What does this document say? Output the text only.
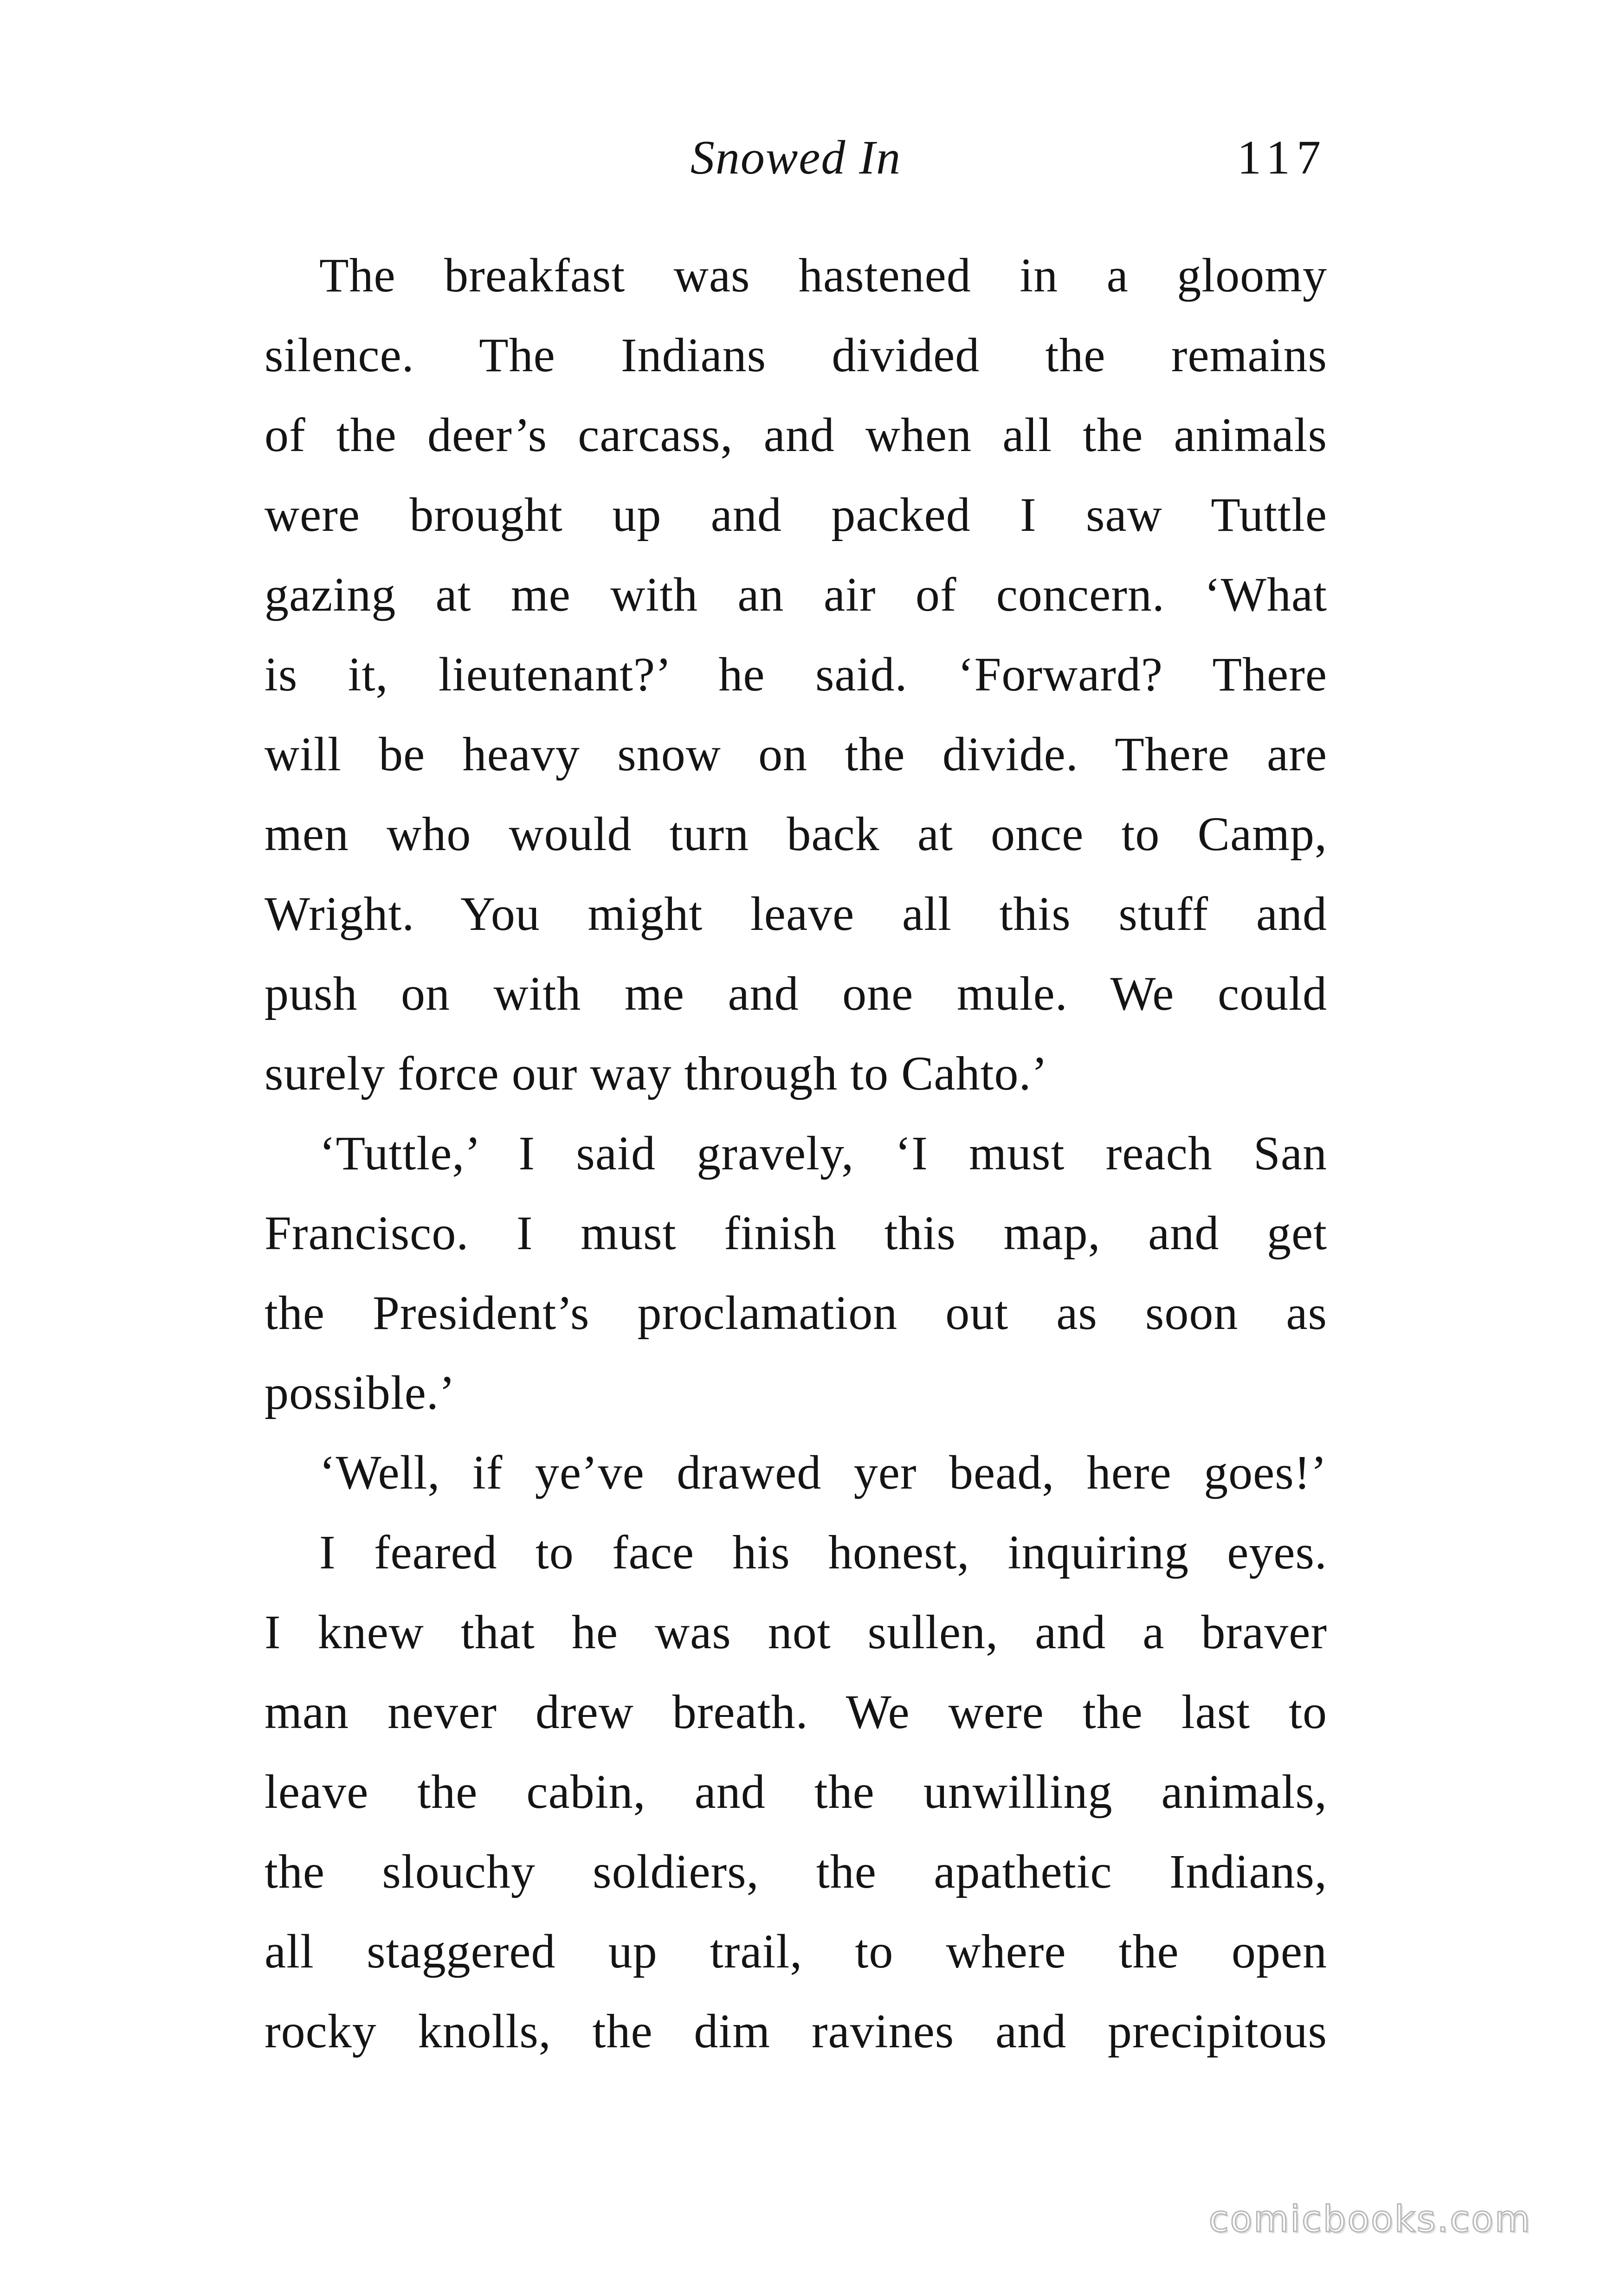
Snowed In	117
The breakfast was hastened in a gloomy
silence. The Indians divided the remains
of the deer’s carcass, and when all the animals
were brought up and packed I saw Tuttle
gazing at me with an air of concern. ‘What
is it, lieutenant?’ he said. ‘Forward? There
will be heavy snow on the divide. There are
men who would turn back at once to Camp,
Wright. You might leave all this stuff and
push on with me and one mule. We could
surely force our way through to Cahto.’
‘Tuttle,’ I said gravely, ‘I must reach San
Francisco. I must finish this map, and get
the President’s proclamation out as soon as
possible.’
‘Well, if ye’ve drawed yer bead, here goes!’
I feared to face his honest, inquiring eyes.
I knew that he was not sullen, and a braver
man never drew breath. We were the last to
leave the cabin, and the unwilling animals,
the slouchy soldiers, the apathetic Indians,
all staggered up trail, to where the open
rocky knolls, the dim ravines and precipitous
comicbooks.com
